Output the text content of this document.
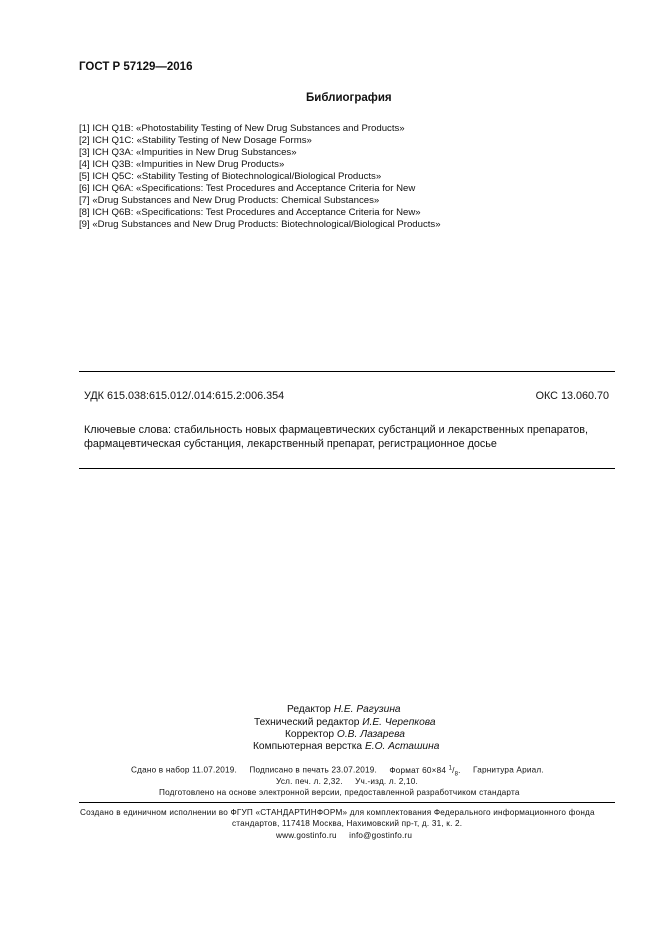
ГОСТ Р 57129—2016
Библиография
[1] ICH Q1B: «Photostability Testing of New Drug Substances and Products»
[2] ICH Q1C: «Stability Testing of New Dosage Forms»
[3] ICH Q3A: «Impurities in New Drug Substances»
[4] ICH Q3B: «Impurities in New Drug Products»
[5] ICH Q5C: «Stability Testing of Biotechnological/Biological Products»
[6] ICH Q6A: «Specifications: Test Procedures and Acceptance Criteria for New
[7] «Drug Substances and New Drug Products: Chemical Substances»
[8] ICH Q6B: «Specifications: Test Procedures and Acceptance Criteria for New»
[9] «Drug Substances and New Drug Products: Biotechnological/Biological Products»
УДК 615.038:615.012/.014:615.2:006.354	ОКС 13.060.70
Ключевые слова: стабильность новых фармацевтических субстанций и лекарственных препаратов,
фармацевтическая субстанция, лекарственный препарат, регистрационное досье
Редактор Н.Е. Рагузина
Технический редактор И.Е. Черепкова
Корректор О.В. Лазарева
Компьютерная верстка Е.О. Асташина
Сдано в набор 11.07.2019. Подписано в печать 23.07.2019. Формат 60×84 $^1/_8$. Гарнитура Ариал.
Усл. печ. л. 2,32. Уч.-изд. л. 2,10.
Подготовлено на основе электронной версии, предоставленной разработчиком стандарта
Создано в единичном исполнении во ФГУП «СТАНДАРТИНФОРМ» для комплектования Федерального информационного фонда
стандартов, 117418 Москва, Нахимовский пр-т, д. 31, к. 2.
www.gostinfo.ru info@gostinfo.ru
